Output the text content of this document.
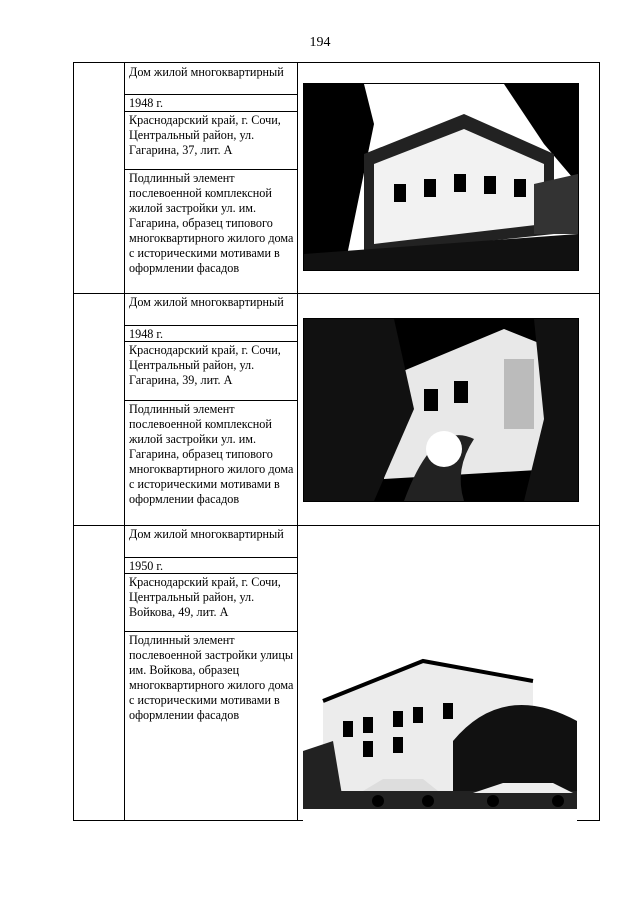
194
Дом жилой многоквартирный
1948 г.
Краснодарский край, г. Сочи, Центральный район, ул. Гагарина, 37, лит. А
Подлинный элемент послевоенной комплексной жилой застройки ул. им. Гагарина, образец типового многоквартирного жилого дома с историческими мотивами в оформлении фасадов
Дом жилой многоквартирный
1948 г.
Краснодарский край, г. Сочи, Центральный район, ул. Гагарина, 39, лит. А
Подлинный элемент послевоенной комплексной жилой застройки ул. им. Гагарина, образец типового многоквартирного жилого дома с историческими мотивами в оформлении фасадов
Дом жилой многоквартирный
1950 г.
Краснодарский край, г. Сочи, Центральный район, ул. Войкова, 49, лит. А
Подлинный элемент послевоенной застройки улицы им. Войкова, образец многоквартирного жилого дома с историческими мотивами в оформлении фасадов
